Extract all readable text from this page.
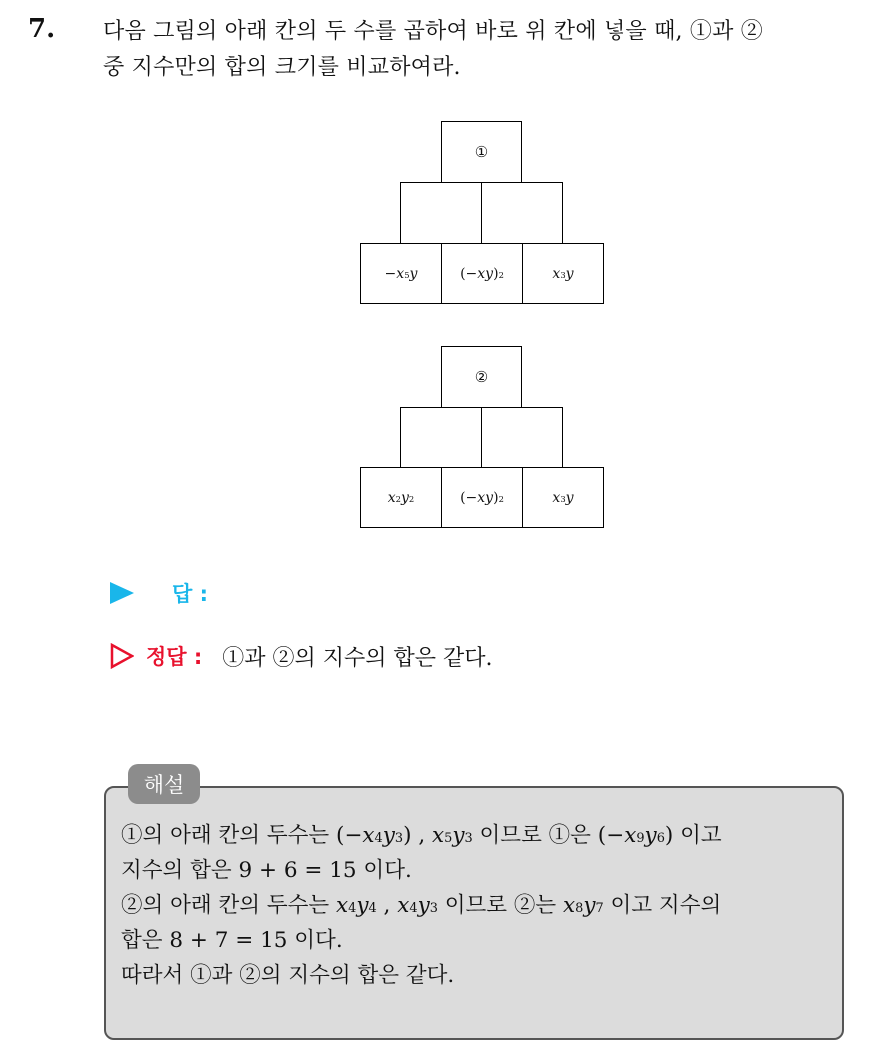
7. 다음 그림의 아래 칸의 두 수를 곱하여 바로 위 칸에 넣을 때, ①과 ②

중 지수만의 합의 크기를 비교하여라.

①
$-x^5y$	$(-xy)^2$	$x^3y$
②
$x^2y^2$	$(-xy)^2$	$x^3y$
답 :
정답 : ①과 ②의 지수의 합은 같다.
해설

①의 아래 칸의 두수는 $(-x^4y^3)$ , $x^5y^3$ 이므로 ①은 $(-x^9y^6)$ 이고

지수의 합은 9 + 6 = 15 이다.

②의 아래 칸의 두수는 $x^4y^4$ , $x^4y^3$ 이므로 ②는 $x^8y^7$ 이고 지수의

합은 8 + 7 = 15 이다.

따라서 ①과 ②의 지수의 합은 같다.
